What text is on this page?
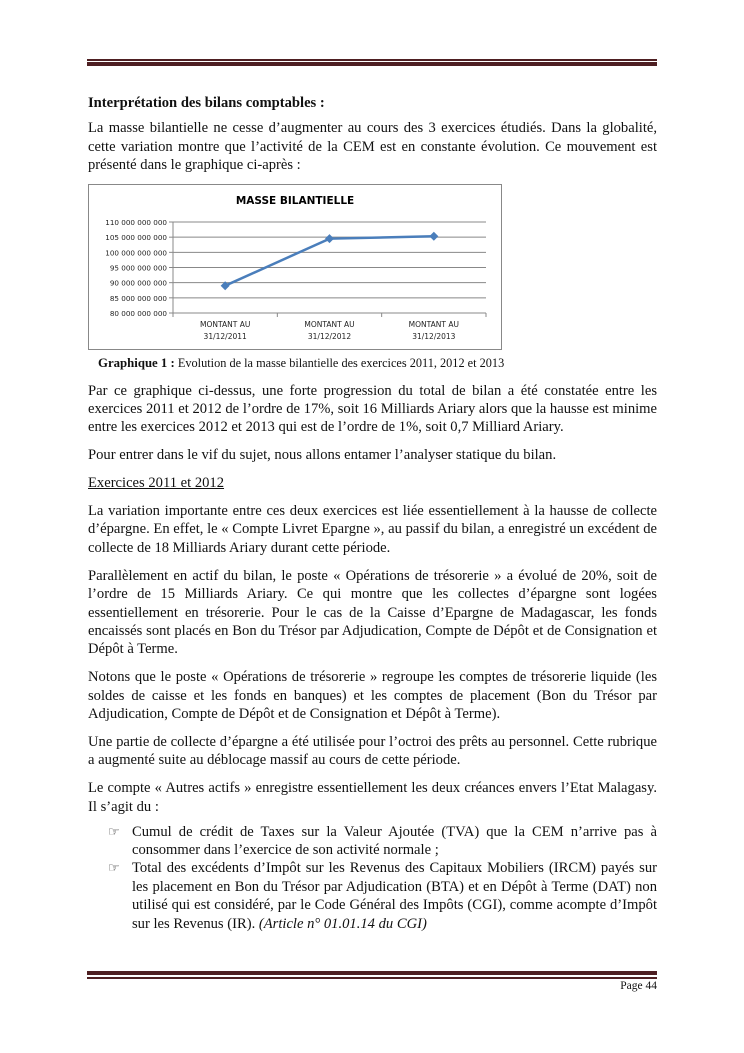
Interprétation des bilans comptables :

La masse bilantielle ne cesse d’augmenter au cours des 3 exercices étudiés. Dans la globalité, cette variation montre que l’activité de la CEM est en constante évolution. Ce mouvement est présenté dans le graphique ci-après :

MASSE BILANTIELLE
80 000 000 000
85 000 000 000
90 000 000 000
95 000 000 000
100 000 000 000
105 000 000 000
110 000 000 000
MONTANT AU
31/12/2011
MONTANT AU
31/12/2012
MONTANT AU
31/12/2013
Graphique 1 : Evolution de la masse bilantielle des exercices 2011, 2012 et 2013

Par ce graphique ci-dessus, une forte progression du total de bilan a été constatée entre les exercices 2011 et 2012 de l’ordre de 17%, soit 16 Milliards Ariary alors que la hausse est minime entre les exercices 2012 et 2013 qui est de l’ordre de 1%, soit 0,7 Milliard Ariary.

Pour entrer dans le vif du sujet, nous allons entamer l’analyser statique du bilan.

Exercices 2011 et 2012

La variation importante entre ces deux exercices est liée essentiellement à la hausse de collecte d’épargne. En effet, le « Compte Livret Epargne », au passif du bilan, a enregistré un excédent de collecte de 18 Milliards Ariary durant cette période.

Parallèlement en actif du bilan, le poste « Opérations de trésorerie » a évolué de 20%, soit de l’ordre de 15 Milliards Ariary. Ce qui montre que les collectes d’épargne sont logées essentiellement en trésorerie. Pour le cas de la Caisse d’Epargne de Madagascar, les fonds encaissés sont placés en Bon du Trésor par Adjudication, Compte de Dépôt et de Consignation et Dépôt à Terme.

Notons que le poste « Opérations de trésorerie » regroupe les comptes de trésorerie liquide (les soldes de caisse et les fonds en banques) et les comptes de placement (Bon du Trésor par Adjudication, Compte de Dépôt et de Consignation et Dépôt à Terme).

Une partie de collecte d’épargne a été utilisée pour l’octroi des prêts au personnel. Cette rubrique a augmenté suite au déblocage massif au cours de cette période.

Le compte « Autres actifs » enregistre essentiellement les deux créances envers l’Etat Malagasy. Il s’agit du :

☞ Cumul de crédit de Taxes sur la Valeur Ajoutée (TVA) que la CEM n’arrive pas à consommer dans l’exercice de son activité normale ;
☞ Total des excédents d’Impôt sur les Revenus des Capitaux Mobiliers (IRCM) payés sur les placement en Bon du Trésor par Adjudication (BTA) et en Dépôt à Terme (DAT) non utilisé qui est considéré, par le Code Général des Impôts (CGI), comme acompte d’Impôt sur les Revenus (IR). (Article n° 01.01.14 du CGI)
Page 44
